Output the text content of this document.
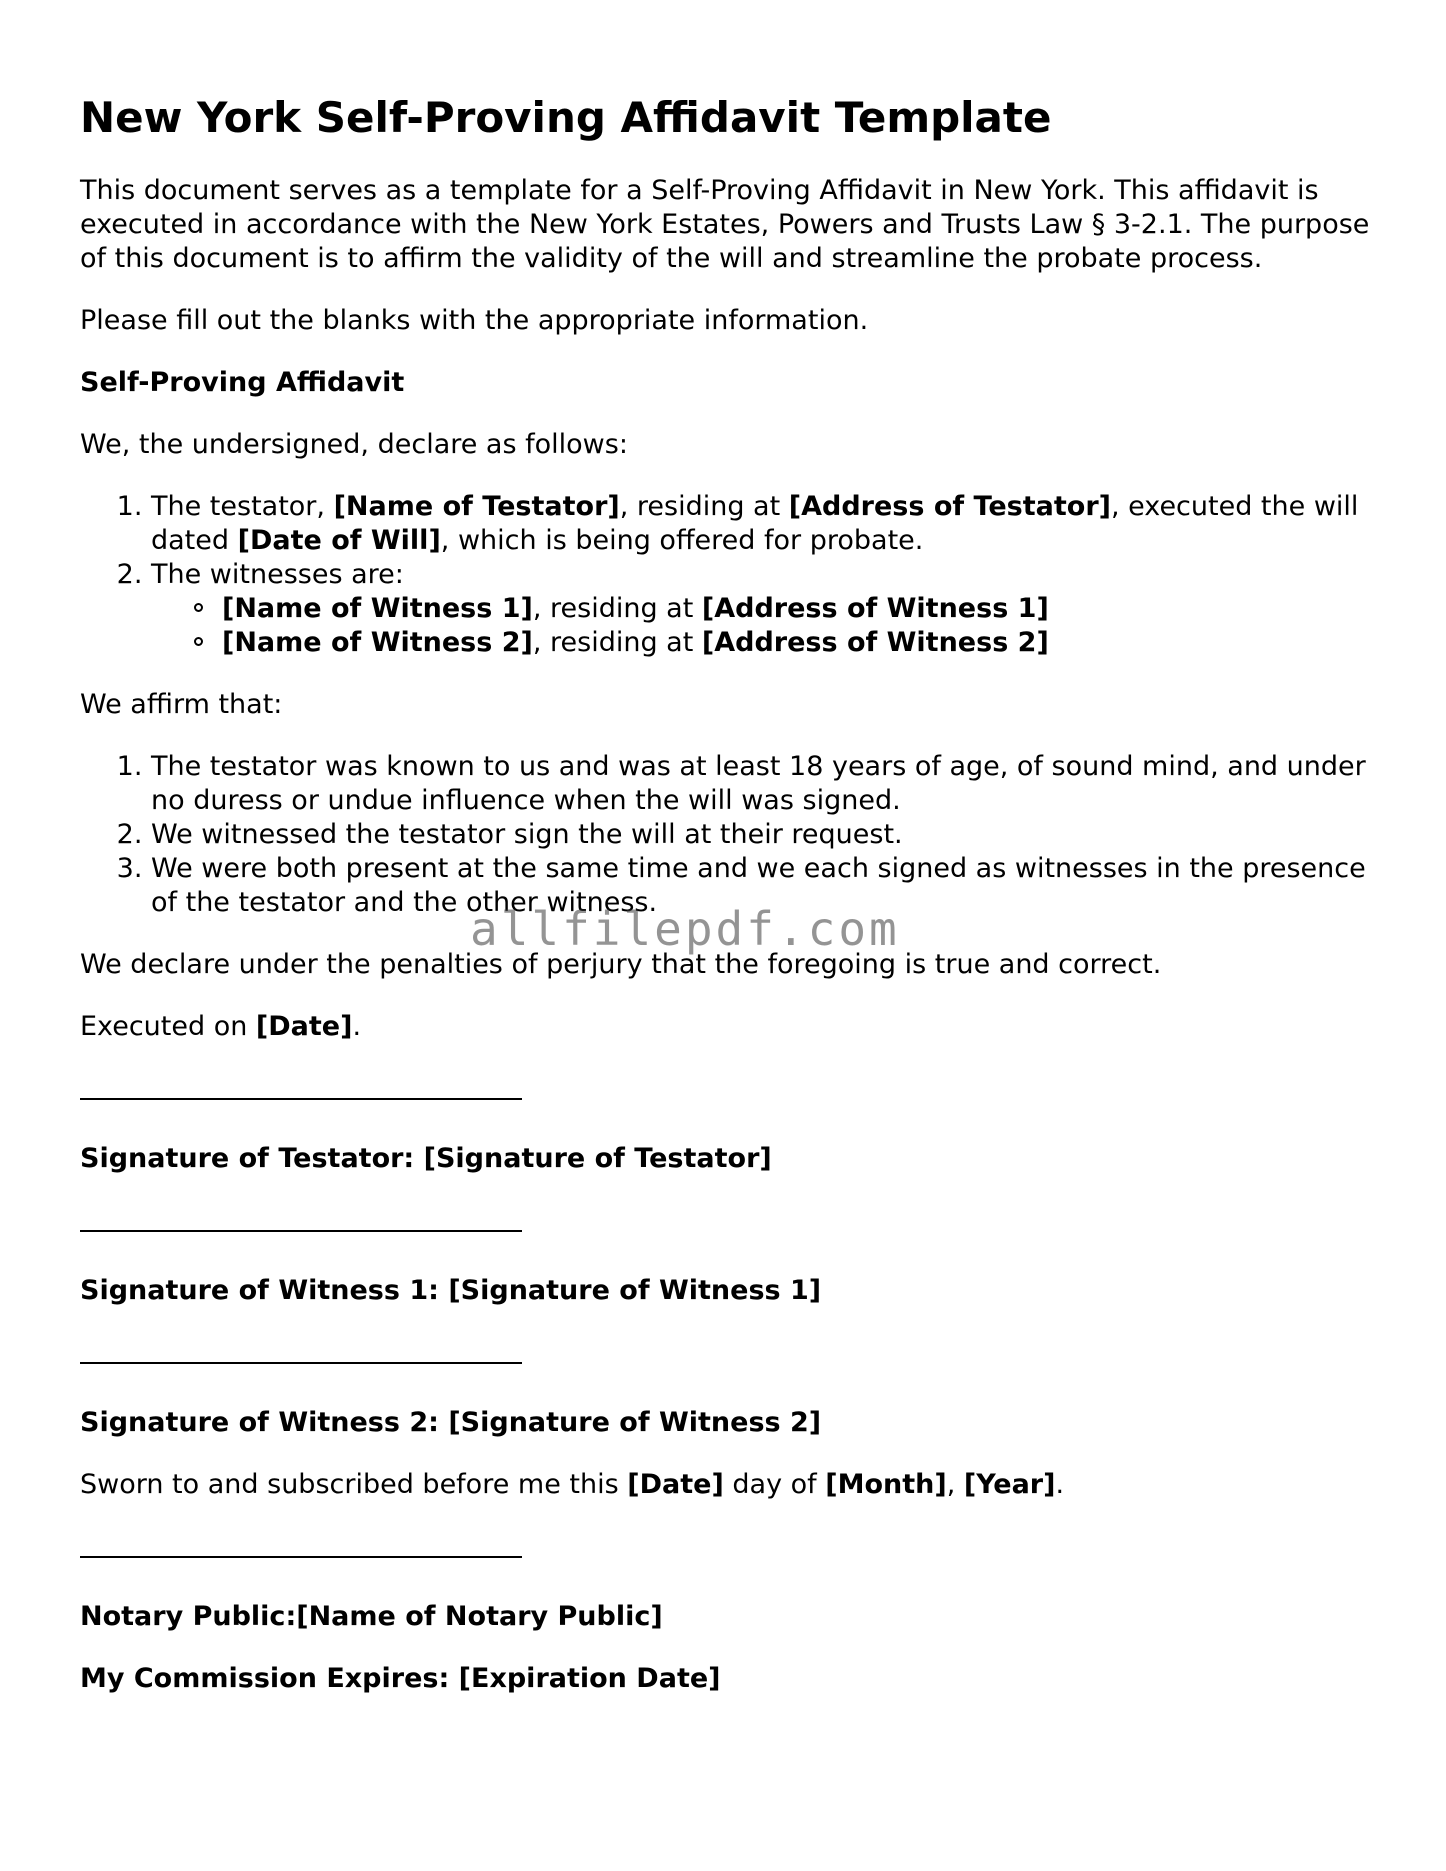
New York Self-Proving Affidavit Template

This document serves as a template for a Self-Proving Affidavit in New York. This affidavit is executed in accordance with the New York Estates, Powers and Trusts Law § 3-2.1. The purpose of this document is to affirm the validity of the will and streamline the probate process.

Please fill out the blanks with the appropriate information.

Self-Proving Affidavit

We, the undersigned, declare as follows:

1. The testator, [Name of Testator], residing at [Address of Testator], executed the will dated [Date of Will], which is being offered for probate.
2. The witnesses are:
[Name of Witness 1], residing at [Address of Witness 1]
[Name of Witness 2], residing at [Address of Witness 2]

We affirm that:

1. The testator was known to us and was at least 18 years of age, of sound mind, and under no duress or undue influence when the will was signed.
2. We witnessed the testator sign the will at their request.
3. We were both present at the same time and we each signed as witnesses in the presence of the testator and the other witness.

We declare under the penalties of perjury that the foregoing is true and correct.

Executed on [Date].

Signature of Testator: [Signature of Testator]

Signature of Witness 1: [Signature of Witness 1]

Signature of Witness 2: [Signature of Witness 2]

Sworn to and subscribed before me this [Date] day of [Month], [Year].

Notary Public:[Name of Notary Public]

My Commission Expires: [Expiration Date]

allfilepdf.com
